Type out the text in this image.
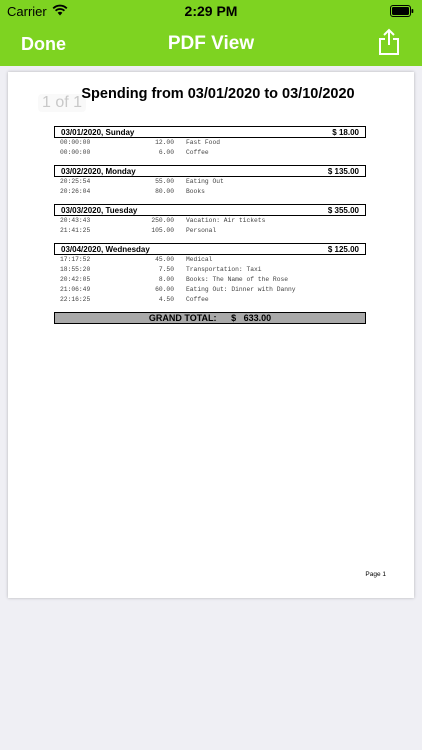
Carrier	2:29 PM
Done	PDF View
1 of 1 Spending from 03/01/2020 to 03/10/2020
03/01/2020, Sunday	$ 18.00
00:00:00	12.00 Fast Food
00:00:00	6.00 Coffee
03/02/2020, Monday	$ 135.00
20:25:54	55.00 Eating Out
20:26:04	80.00 Books
03/03/2020, Tuesday	$ 355.00
20:43:43	250.00 Vacation: Air tickets
21:41:25	105.00 Personal
03/04/2020, Wednesday	$ 125.00
17:17:52	45.00 Medical
18:55:20	7.50 Transportation: Taxi
20:42:05	8.00 Books: The Name of the Rose
21:06:49	60.00 Eating Out: Dinner with Danny
22:16:25	4.50 Coffee
GRAND TOTAL: $   633.00
Page 1
